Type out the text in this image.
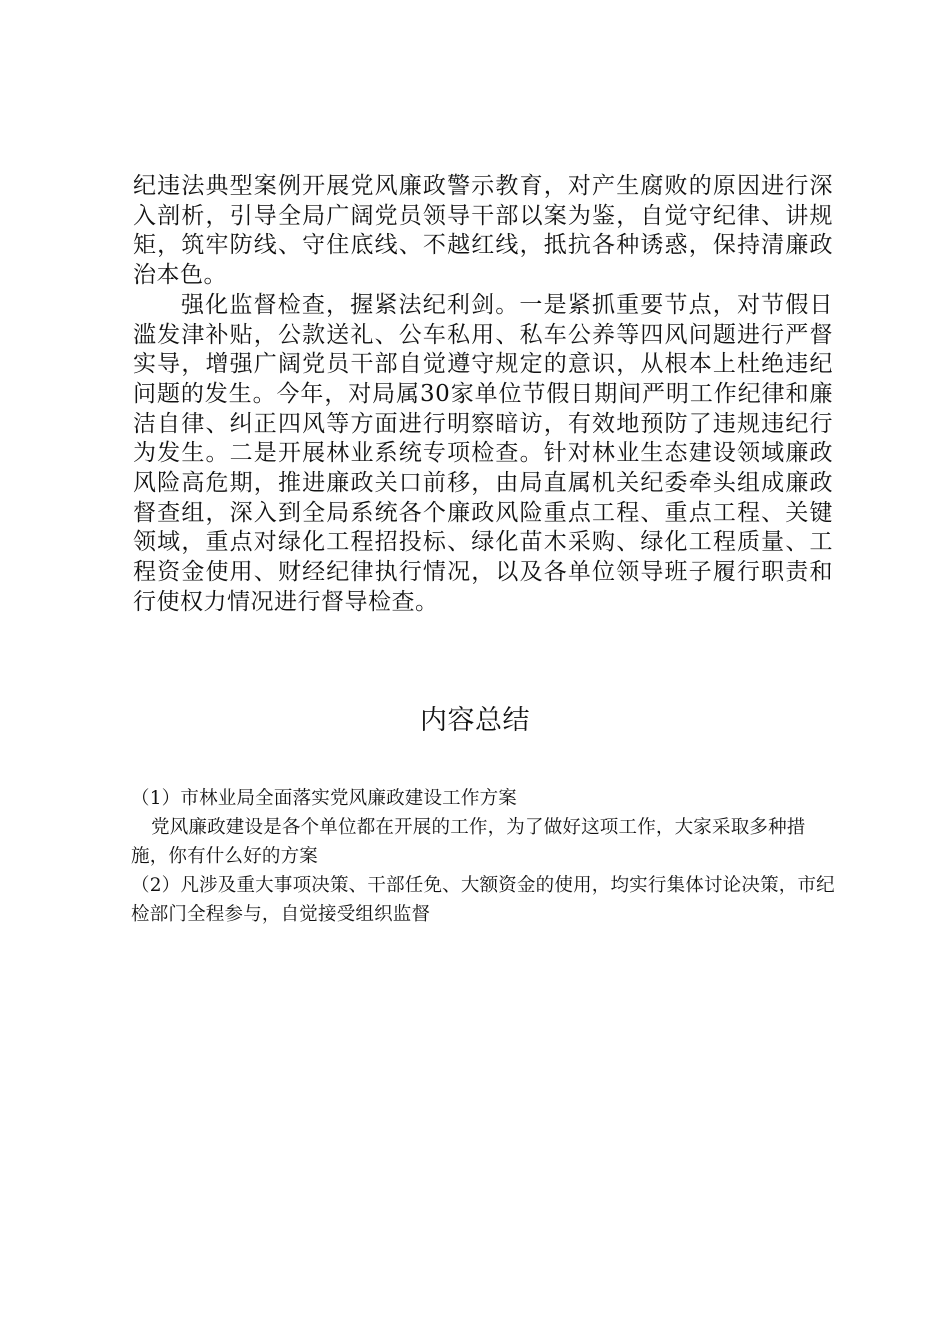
纪违法典型案例开展党风廉政警示教育，对产生腐败的原因进行深入剖析，引导全局广阔党员领导干部以案为鉴，自觉守纪律、讲规矩，筑牢防线、守住底线、不越红线，抵抗各种诱惑，保持清廉政治本色。

强化监督检查，握紧法纪利剑。一是紧抓重要节点，对节假日滥发津补贴，公款送礼、公车私用、私车公养等四风问题进行严督实导，增强广阔党员干部自觉遵守规定的意识，从根本上杜绝违纪问题的发生。今年，对局属30家单位节假日期间严明工作纪律和廉洁自律、纠正四风等方面进行明察暗访，有效地预防了违规违纪行为发生。二是开展林业系统专项检查。针对林业生态建设领域廉政风险高危期，推进廉政关口前移，由局直属机关纪委牵头组成廉政督查组，深入到全局系统各个廉政风险重点工程、重点工程、关键领域，重点对绿化工程招投标、绿化苗木采购、绿化工程质量、工程资金使用、财经纪律执行情况，以及各单位领导班子履行职责和行使权力情况进行督导检查。

内容总结

（1）市林业局全面落实党风廉政建设工作方案

党风廉政建设是各个单位都在开展的工作，为了做好这项工作，大家采取多种措施，你有什么好的方案

（2）凡涉及重大事项决策、干部任免、大额资金的使用，均实行集体讨论决策，市纪检部门全程参与，自觉接受组织监督
